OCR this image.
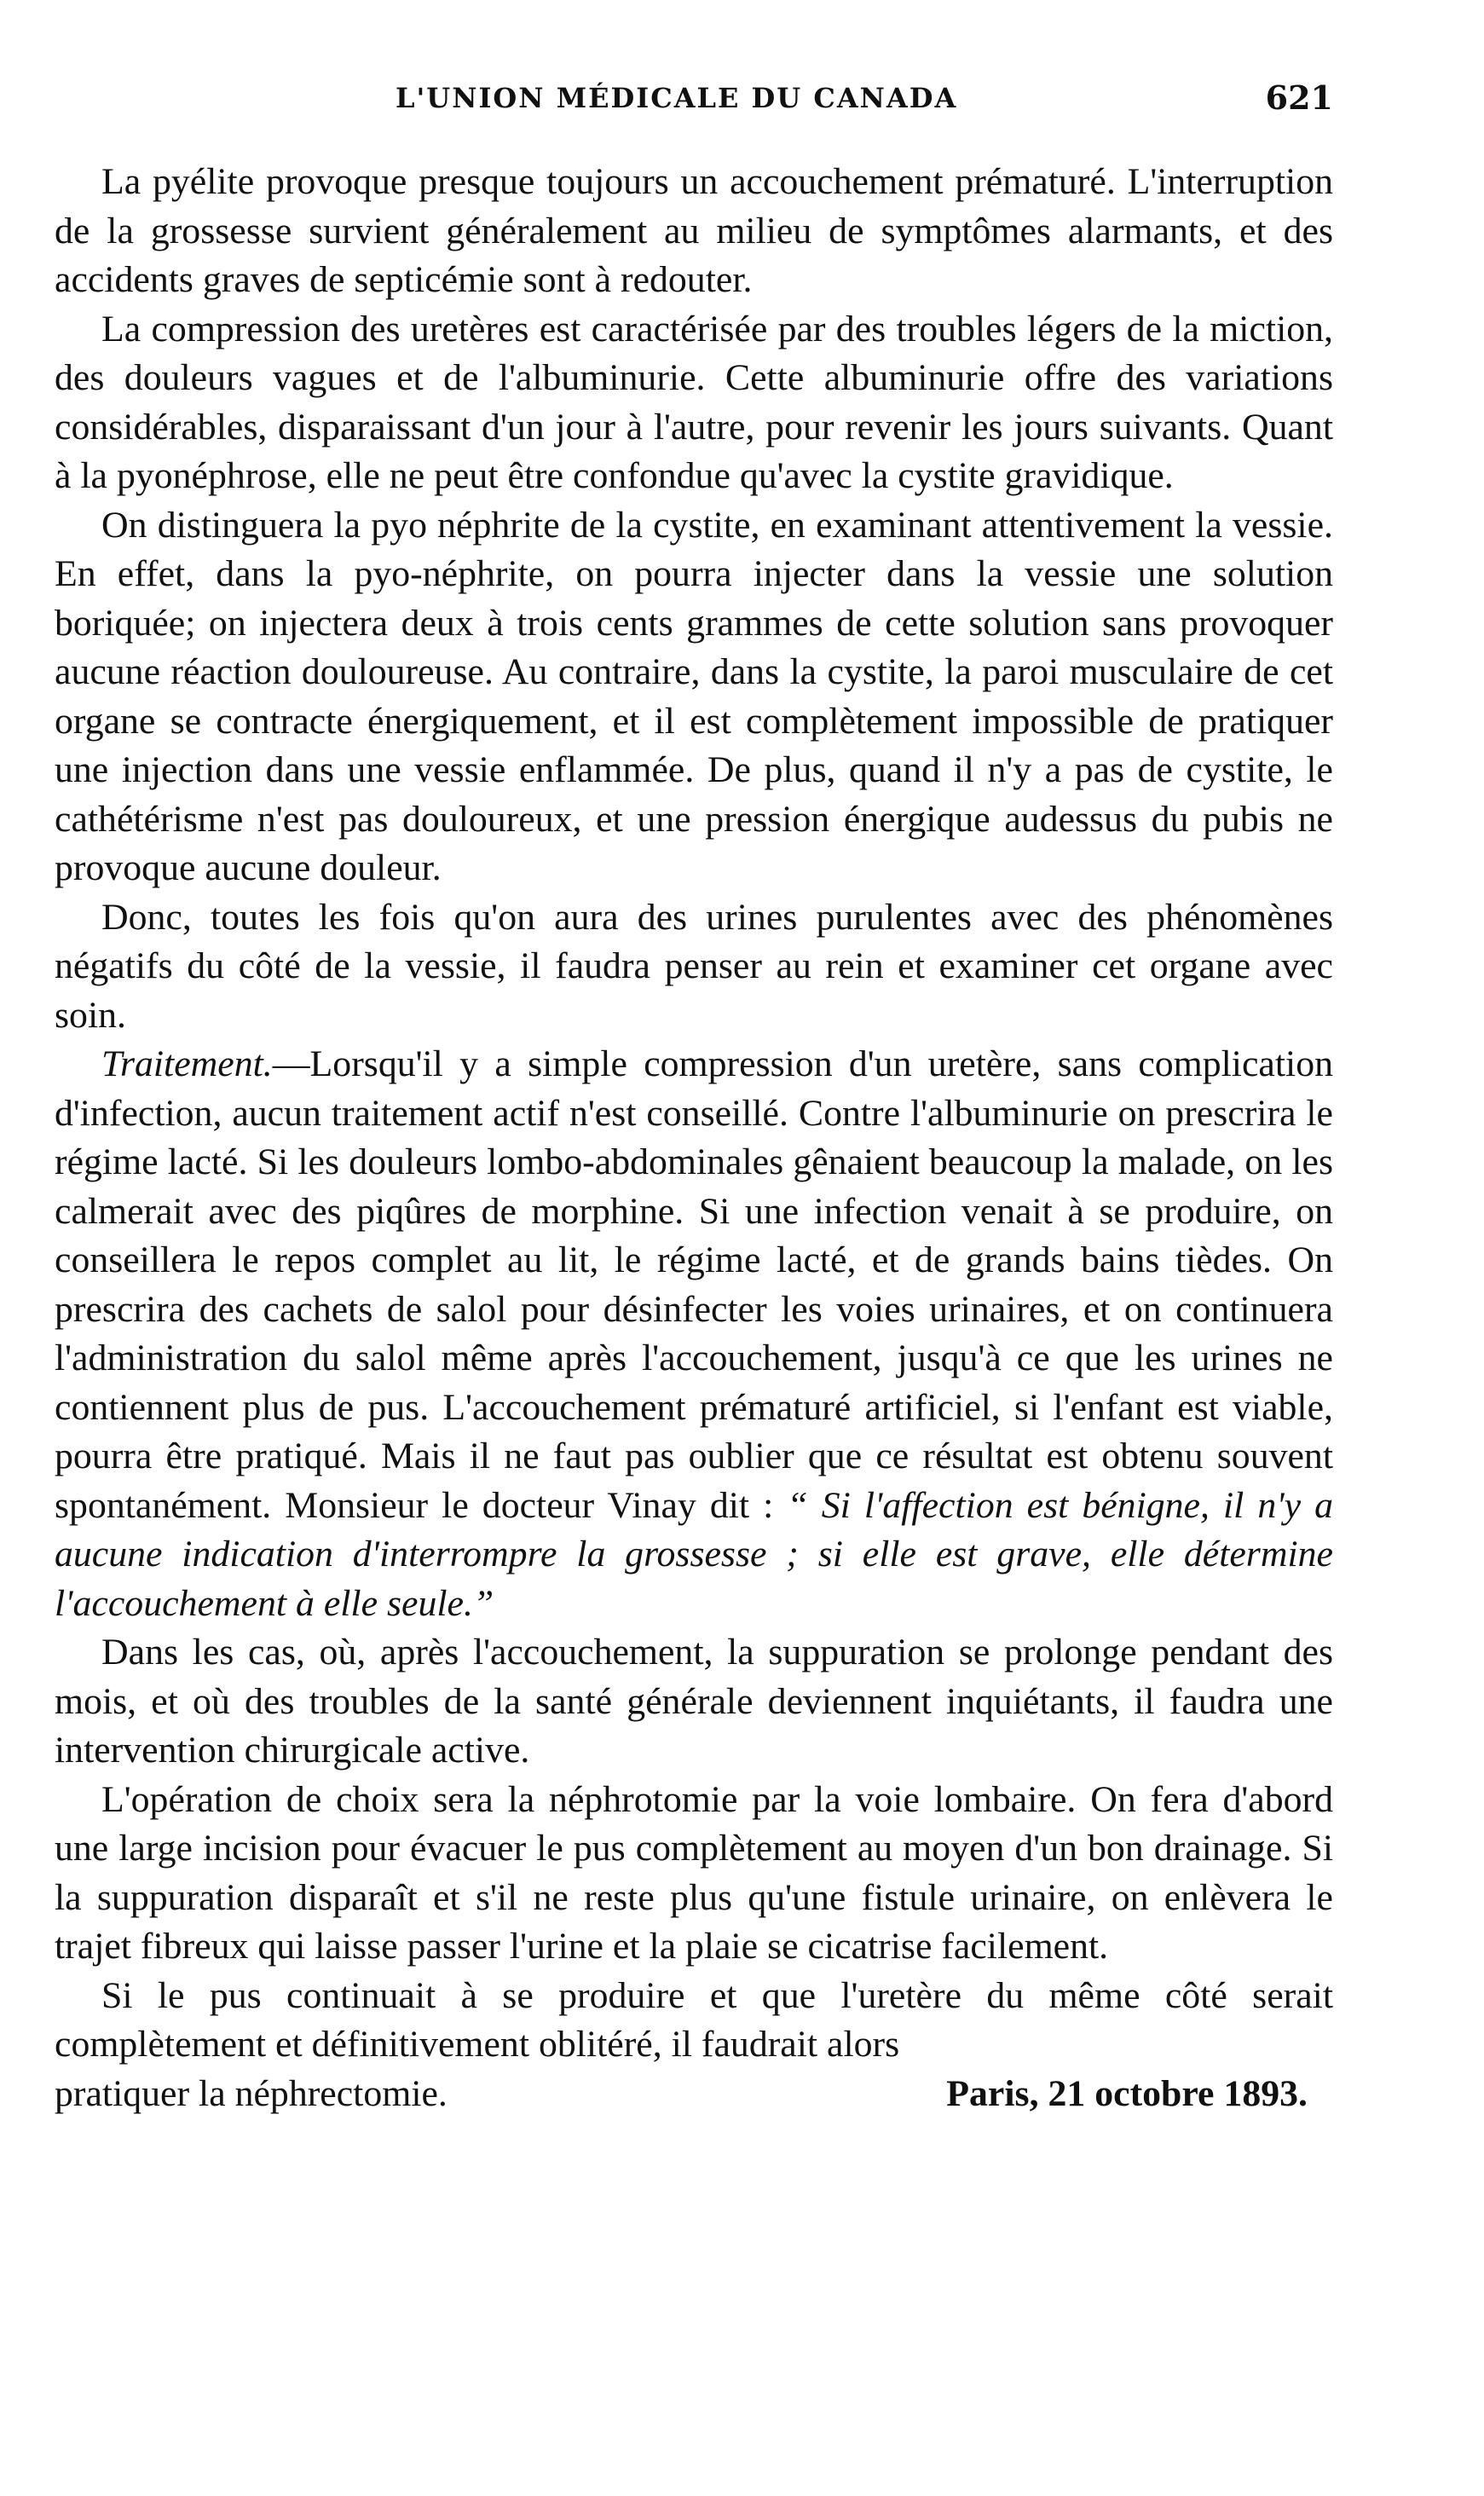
L'UNION MÉDICALE DU CANADA	621

La pyélite provoque presque toujours un accouchement prématuré. L'interruption de la grossesse survient généralement au milieu de symptômes alarmants, et des accidents graves de septicémie sont à redouter.

La compression des uretères est caractérisée par des troubles légers de la miction, des douleurs vagues et de l'albuminurie. Cette albuminurie offre des variations considérables, disparaissant d'un jour à l'autre, pour revenir les jours suivants. Quant à la pyonéphrose, elle ne peut être confondue qu'avec la cystite gravidique.

On distinguera la pyo néphrite de la cystite, en examinant attentivement la vessie. En effet, dans la pyo-néphrite, on pourra injecter dans la vessie une solution boriquée; on injectera deux à trois cents grammes de cette solution sans provoquer aucune réaction douloureuse. Au contraire, dans la cystite, la paroi musculaire de cet organe se contracte énergiquement, et il est complètement impossible de pratiquer une injection dans une vessie enflammée. De plus, quand il n'y a pas de cystite, le cathétérisme n'est pas douloureux, et une pression énergique audessus du pubis ne provoque aucune douleur.

Donc, toutes les fois qu'on aura des urines purulentes avec des phénomènes négatifs du côté de la vessie, il faudra penser au rein et examiner cet organe avec soin.

Traitement.—Lorsqu'il y a simple compression d'un uretère, sans complication d'infection, aucun traitement actif n'est conseillé. Contre l'albuminurie on prescrira le régime lacté. Si les douleurs lombo-abdominales gênaient beaucoup la malade, on les calmerait avec des piqûres de morphine. Si une infection venait à se produire, on conseillera le repos complet au lit, le régime lacté, et de grands bains tièdes. On prescrira des cachets de salol pour désinfecter les voies urinaires, et on continuera l'administration du salol même après l'accouchement, jusqu'à ce que les urines ne contiennent plus de pus. L'accouchement prématuré artificiel, si l'enfant est viable, pourra être pratiqué. Mais il ne faut pas oublier que ce résultat est obtenu souvent spontanément. Monsieur le docteur Vinay dit : “ Si l'affection est bénigne, il n'y a aucune indication d'interrompre la grossesse ; si elle est grave, elle détermine l'accouchement à elle seule.”

Dans les cas, où, après l'accouchement, la suppuration se prolonge pendant des mois, et où des troubles de la santé générale deviennent inquiétants, il faudra une intervention chirurgicale active.

L'opération de choix sera la néphrotomie par la voie lombaire. On fera d'abord une large incision pour évacuer le pus complètement au moyen d'un bon drainage. Si la suppuration disparaît et s'il ne reste plus qu'une fistule urinaire, on enlèvera le trajet fibreux qui laisse passer l'urine et la plaie se cicatrise facilement.

Si le pus continuait à se produire et que l'uretère du même côté serait complètement et définitivement oblitéré, il faudrait alors

pratiquer la néphrectomie.	Paris, 21 octobre 1893.
